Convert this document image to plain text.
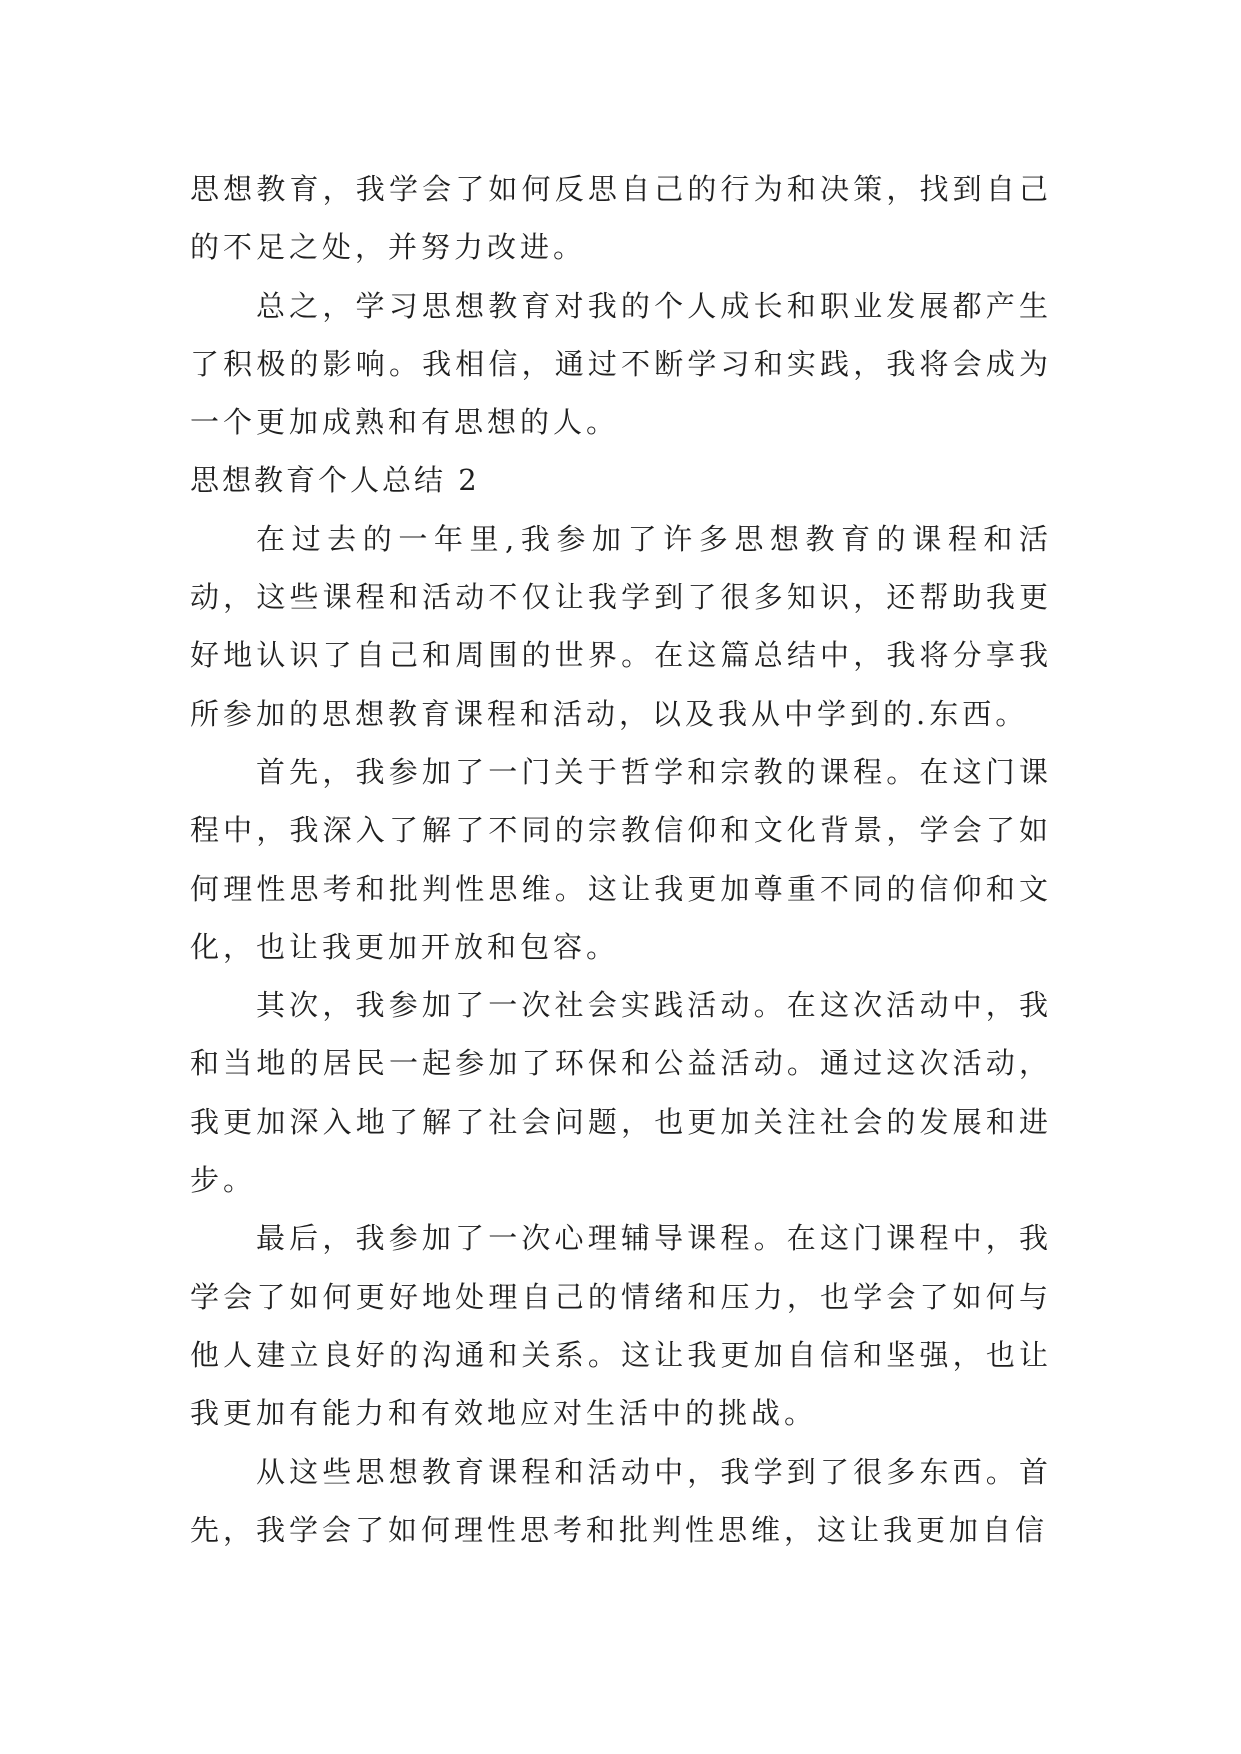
思想教育，我学会了如何反思自己的行为和决策，找到自己的不足之处，并努力改进。

总之，学习思想教育对我的个人成长和职业发展都产生了积极的影响。我相信，通过不断学习和实践，我将会成为一个更加成熟和有思想的人。

思想教育个人总结 2

在过去的一年里,我参加了许多思想教育的课程和活动，这些课程和活动不仅让我学到了很多知识，还帮助我更好地认识了自己和周围的世界。在这篇总结中，我将分享我所参加的思想教育课程和活动，以及我从中学到的.东西。

首先，我参加了一门关于哲学和宗教的课程。在这门课程中，我深入了解了不同的宗教信仰和文化背景，学会了如何理性思考和批判性思维。这让我更加尊重不同的信仰和文化，也让我更加开放和包容。

其次，我参加了一次社会实践活动。在这次活动中，我和当地的居民一起参加了环保和公益活动。通过这次活动，我更加深入地了解了社会问题，也更加关注社会的发展和进步。

最后，我参加了一次心理辅导课程。在这门课程中，我学会了如何更好地处理自己的情绪和压力，也学会了如何与他人建立良好的沟通和关系。这让我更加自信和坚强，也让我更加有能力和有效地应对生活中的挑战。

从这些思想教育课程和活动中，我学到了很多东西。首先，我学会了如何理性思考和批判性思维，这让我更加自信
